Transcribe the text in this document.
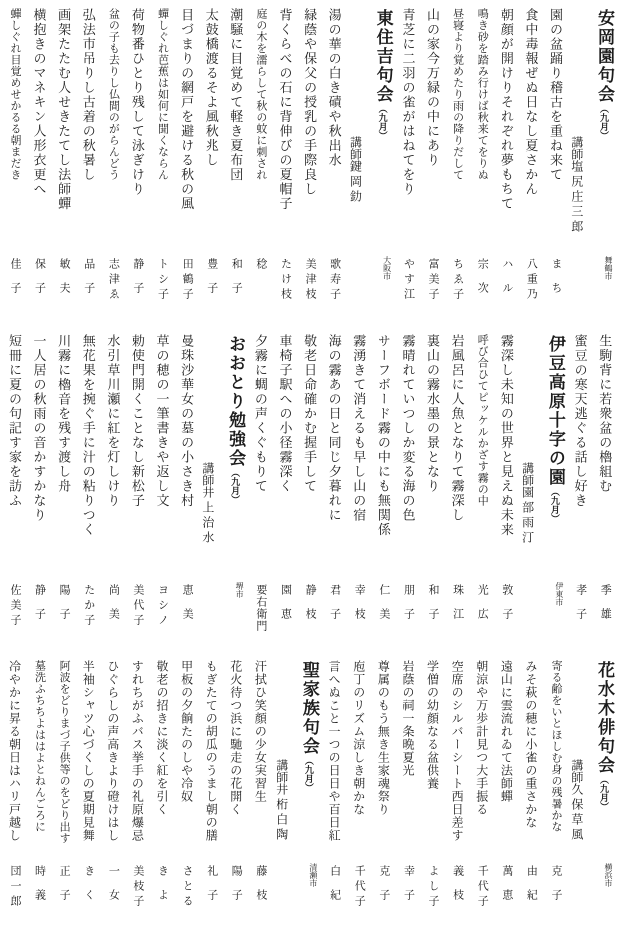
安岡園句会（九月）
講師塩尻庄三郎
舞鶴市
園の盆踊り稽古を重ね来て
まち
食中毒報ぜぬ日なし夏さかん
八重乃
朝顔が開けりそれぞれ夢もちて
ハル
鳴き砂を踏み行けば秋来てをりぬ
宗次
昼寝より覚めたり雨の降りだして
ちゑ子
山の家今万緑の中にあり
富美子
青芝に二羽の雀がはねてをり
やす江
東住吉句会（九月）
講師鍵岡釛
大阪市
湯の華の白き磧や秋出水
歌寿子
緑蔭や保父の授乳の手際良し
美津枝
背くらべの石に背伸びの夏帽子
たけ枝
庭の木を濡らして秋の蚊に刺され
稔
潮騒に目覚めて軽き夏布団
和子
太鼓橋渡るそよ風秋兆し
豊子
目づまりの網戸を避ける秋の風
田鶴子
蟬しぐれ芭蕉は如何に聞くならん
トシ子
荷物番ひとり残して泳ぎけり
静子
盆の子も去りし仏間のがらんどう
志津ゑ
弘法市吊りし古着の秋暑し
品子
画架たたむ人せきたてし法師蟬
敏夫
横抱きのマネキン人形衣更へ
保子
蟬しぐれ目覚めせかるる朝まだき
佳子
生駒背に若衆盆の櫓組む
季雄
蜜豆の寒天逃ぐる話し好き
孝子
伊豆高原十字の園（九月）
講師園部雨汀
伊東市
霧深し未知の世界と見えぬ未来
敦子
呼び合ひてピッケルかざす霧の中
光広
岩風呂に人魚となりて霧深し
珠江
裏山の霧水墨の景となり
和子
霧晴れていつしか変る海の色
朋子
サーフボード霧の中にも無関係
仁美
霧湧きて消えるも早し山の宿
幸枝
海の霧あの日と同じ夕暮れに
君子
敬老日命確かむ握手して
静枝
車椅子駅への小径霧深く
園恵
夕霧に蜩の声くぐもりて
要右衛門
おおとり勉強会（九月）
講師井上治水
堺市
曼珠沙華女の墓の小さき村
恵美
草の穂の一筆書きや返し文
ヨシノ
勅使門開くことなし新松子
美代子
水引草川瀬に紅を灯しけり
尚美
無花果を捥ぐ手に汁の粘りつく
たか子
川霧に櫓音を残す渡し舟
陽子
一人居の秋雨の音かすかなり
静子
短冊に夏の句記す家を訪ふ
佐美子
花水木俳句会（九月）
講師久保草風
横浜市
寄る齢をいとほしむ身の残暑かな
克子
みそ萩の穂に小雀の重さかな
由紀
遠山に雲流れゐて法師蟬
萬恵
朝涼や万歩計見つ大手振る
千代子
空席のシルバーシート西日差す
義枝
学僧の幼顔なる盆供養
よし子
岩蔭の祠一条晩夏光
幸子
尊属のもう無き生家魂祭り
克子
庖丁のリズム涼しき朝かな
千代子
言へぬこと一つの日日や百日紅
白紀
聖家族句会（九月）
講師井桁白陶
清瀬市
汗拭ひ笑顔の少女実習生
藤枝
花火待つ浜に馳走の花開く
陽子
もぎたての胡瓜のうまし朝の膳
礼子
甲板の夕餉たのしや冷奴
さとる
敬老の招きに淡く紅を引く
きよ
すれちがふバス挙手の礼原爆忌
美枝子
ひぐらしの声高きより磴けはし
一女
半袖シャツ心づくしの夏期見舞
きく
阿波をどりまづ子供等のをどり出す
正子
墓洗ふちちよははよとねんごろに
時義
冷やかに昇る朝日はハリ戸越し
団一郎
